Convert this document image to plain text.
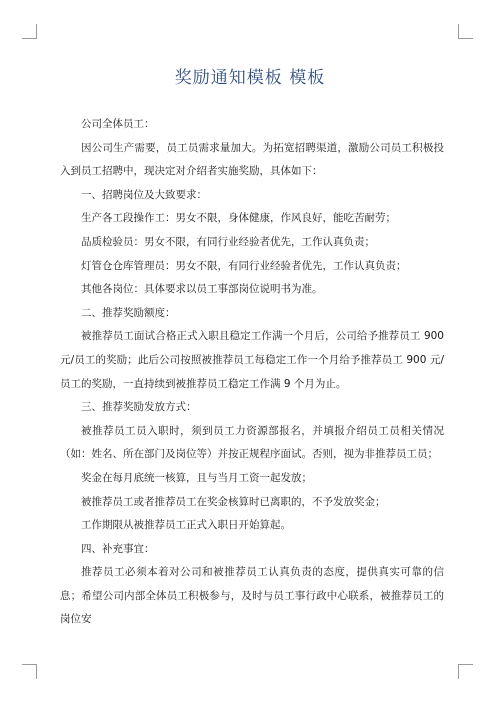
奖励通知模板 模板

公司全体员工：

因公司生产需要，员工员需求量加大。为拓宽招聘渠道，激励公司员工积极投入到员工招聘中，现决定对介绍者实施奖励，具体如下：

一、招聘岗位及大致要求：

生产各工段操作工：男女不限，身体健康，作风良好，能吃苦耐劳；

品质检验员：男女不限，有同行业经验者优先，工作认真负责；

灯管仓仓库管理员：男女不限，有同行业经验者优先，工作认真负责；

其他各岗位：具体要求以员工事部岗位说明书为准。

二、推荐奖励额度：

被推荐员工面试合格正式入职且稳定工作满一个月后，公司给予推荐员工 900 元/员工的奖励；此后公司按照被推荐员工每稳定工作一个月给予推荐员工 900 元/员工的奖励，一直持续到被推荐员工稳定工作满 9 个月为止。

三、推荐奖励发放方式：

被推荐员工员入职时，须到员工力资源部报名，并填报介绍员工员相关情况（如：姓名、所在部门及岗位等）并按正规程序面试。否则，视为非推荐员工员；

奖金在每月底统一核算，且与当月工资一起发放；

被推荐员工或者推荐员工在奖金核算时已离职的，不予发放奖金；

工作期限从被推荐员工正式入职日开始算起。

四、补充事宜：

推荐员工必须本着对公司和被推荐员工认真负责的态度，提供真实可靠的信息；希望公司内部全体员工积极参与，及时与员工事行政中心联系，被推荐员工的岗位安
